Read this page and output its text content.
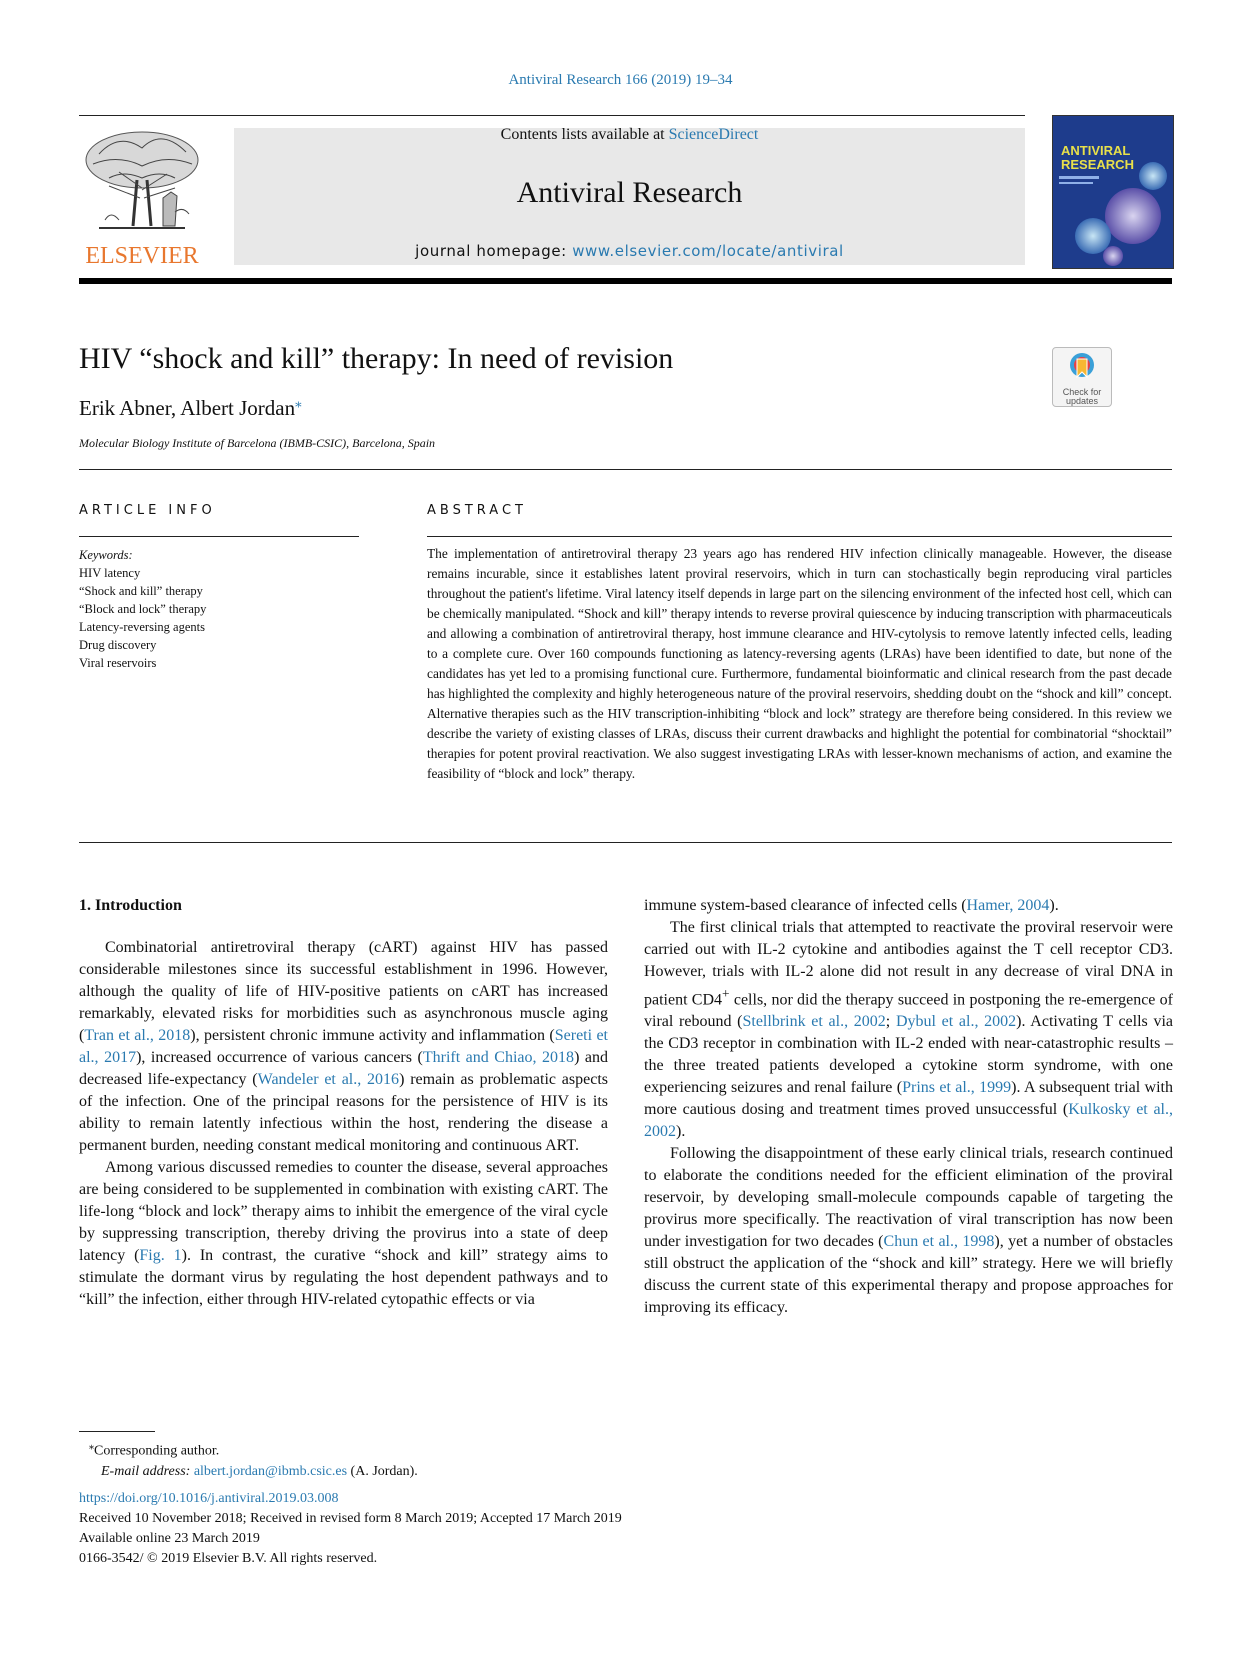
Antiviral Research 166 (2019) 19–34
ELSEVIER
Contents lists available at ScienceDirect
Antiviral Research
journal homepage: www.elsevier.com/locate/antiviral
ANTIVIRAL
RESEARCH
HIV “shock and kill” therapy: In need of revision
Erik Abner, Albert Jordan⁎
Molecular Biology Institute of Barcelona (IBMB-CSIC), Barcelona, Spain
Check for
updates
ARTICLE INFO	ABSTRACT
Keywords:
HIV latency
“Shock and kill” therapy
“Block and lock” therapy
Latency-reversing agents
Drug discovery
Viral reservoirs
The implementation of antiretroviral therapy 23 years ago has rendered HIV infection clinically manageable. However, the disease remains incurable, since it establishes latent proviral reservoirs, which in turn can stochastically begin reproducing viral particles throughout the patient's lifetime. Viral latency itself depends in large part on the silencing environment of the infected host cell, which can be chemically manipulated. “Shock and kill” therapy intends to reverse proviral quiescence by inducing transcription with pharmaceuticals and allowing a combination of antiretroviral therapy, host immune clearance and HIV-cytolysis to remove latently infected cells, leading to a complete cure. Over 160 compounds functioning as latency-reversing agents (LRAs) have been identified to date, but none of the candidates has yet led to a promising functional cure. Furthermore, fundamental bioinformatic and clinical research from the past decade has highlighted the complexity and highly heterogeneous nature of the proviral reservoirs, shedding doubt on the “shock and kill” concept. Alternative therapies such as the HIV transcription-inhibiting “block and lock” strategy are therefore being considered. In this review we describe the variety of existing classes of LRAs, discuss their current drawbacks and highlight the potential for combinatorial “shocktail” therapies for potent proviral reactivation. We also suggest investigating LRAs with lesser-known mechanisms of action, and examine the feasibility of “block and lock” therapy.

1. Introduction

Combinatorial antiretroviral therapy (cART) against HIV has passed considerable milestones since its successful establishment in 1996. However, although the quality of life of HIV-positive patients on cART has increased remarkably, elevated risks for morbidities such as asynchronous muscle aging (Tran et al., 2018), persistent chronic immune activity and inflammation (Sereti et al., 2017), increased occurrence of various cancers (Thrift and Chiao, 2018) and decreased life-expectancy (Wandeler et al., 2016) remain as problematic aspects of the infection. One of the principal reasons for the persistence of HIV is its ability to remain latently infectious within the host, rendering the disease a permanent burden, needing constant medical monitoring and continuous ART.

Among various discussed remedies to counter the disease, several approaches are being considered to be supplemented in combination with existing cART. The life-long “block and lock” therapy aims to inhibit the emergence of the viral cycle by suppressing transcription, thereby driving the provirus into a state of deep latency (Fig. 1). In contrast, the curative “shock and kill” strategy aims to stimulate the dormant virus by regulating the host dependent pathways and to “kill” the infection, either through HIV-related cytopathic effects or via

immune system-based clearance of infected cells (Hamer, 2004).

The first clinical trials that attempted to reactivate the proviral reservoir were carried out with IL-2 cytokine and antibodies against the T cell receptor CD3. However, trials with IL-2 alone did not result in any decrease of viral DNA in patient CD4+ cells, nor did the therapy succeed in postponing the re-emergence of viral rebound (Stellbrink et al., 2002; Dybul et al., 2002). Activating T cells via the CD3 receptor in combination with IL-2 ended with near-catastrophic results – the three treated patients developed a cytokine storm syndrome, with one experiencing seizures and renal failure (Prins et al., 1999). A subsequent trial with more cautious dosing and treatment times proved unsuccessful (Kulkosky et al., 2002).

Following the disappointment of these early clinical trials, research continued to elaborate the conditions needed for the efficient elimination of the proviral reservoir, by developing small-molecule compounds capable of targeting the provirus more specifically. The reactivation of viral transcription has now been under investigation for two decades (Chun et al., 1998), yet a number of obstacles still obstruct the application of the “shock and kill” strategy. Here we will briefly discuss the current state of this experimental therapy and propose approaches for improving its efficacy.

⁎Corresponding author.
E-mail address: albert.jordan@ibmb.csic.es (A. Jordan).
https://doi.org/10.1016/j.antiviral.2019.03.008
Received 10 November 2018; Received in revised form 8 March 2019; Accepted 17 March 2019
Available online 23 March 2019
0166-3542/ © 2019 Elsevier B.V. All rights reserved.
